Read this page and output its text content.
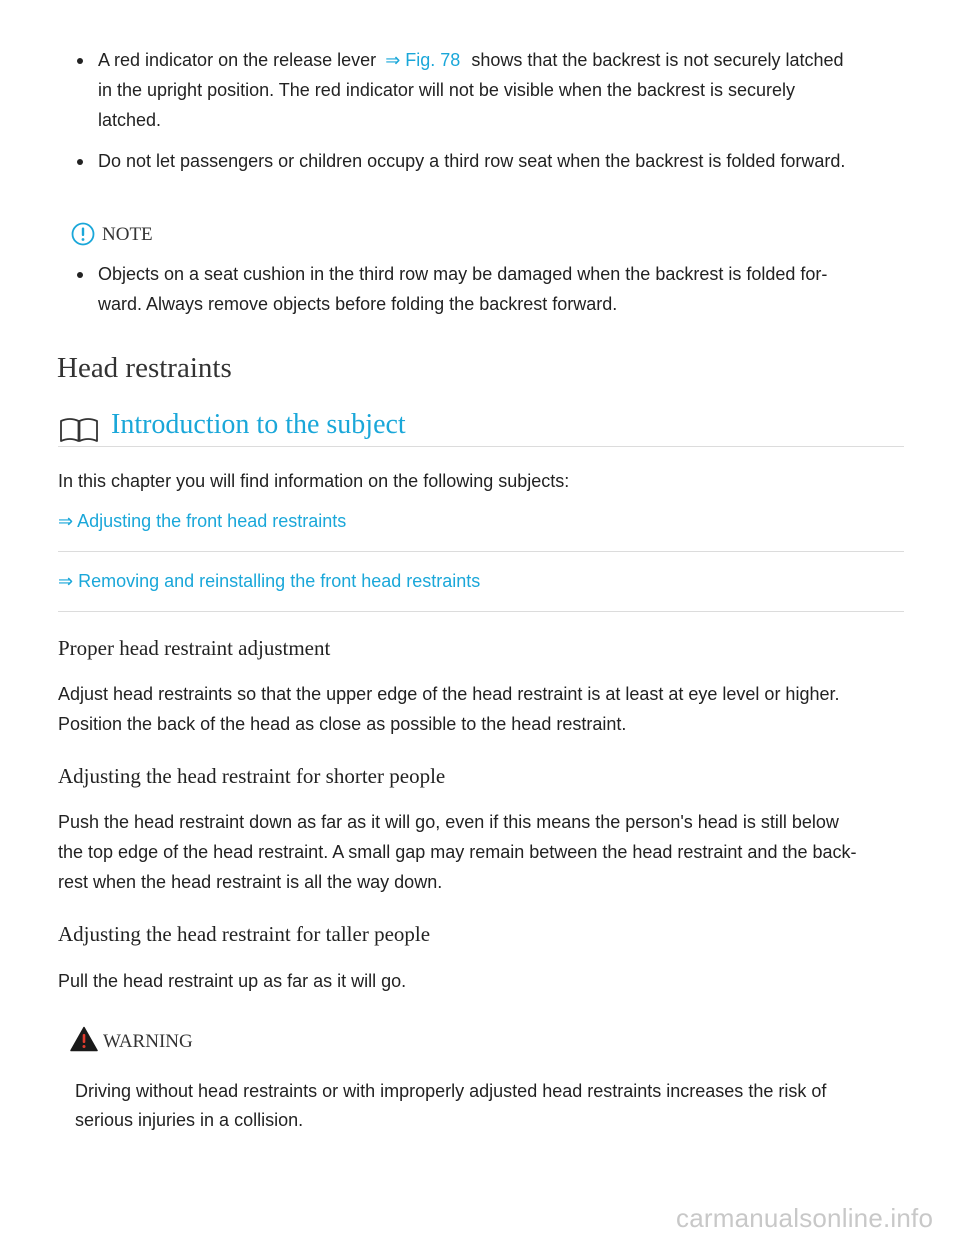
A red indicator on the release lever ⇒ Fig. 78 shows that the backrest is not securely latched
in the upright position. The red indicator will not be visible when the backrest is securely
latched.
Do not let passengers or children occupy a third row seat when the backrest is folded forward.
NOTE
Objects on a seat cushion in the third row may be damaged when the backrest is folded for-
ward. Always remove objects before folding the backrest forward.
Head restraints
Introduction to the subject
In this chapter you will find information on the following subjects:
⇒ Adjusting the front head restraints
⇒ Removing and reinstalling the front head restraints
Proper head restraint adjustment
Adjust head restraints so that the upper edge of the head restraint is at least at eye level or higher.
Position the back of the head as close as possible to the head restraint.
Adjusting the head restraint for shorter people
Push the head restraint down as far as it will go, even if this means the person's head is still below
the top edge of the head restraint. A small gap may remain between the head restraint and the back-
rest when the head restraint is all the way down.
Adjusting the head restraint for taller people
Pull the head restraint up as far as it will go.
WARNING
Driving without head restraints or with improperly adjusted head restraints increases the risk of
serious injuries in a collision.
carmanualsonline.info
